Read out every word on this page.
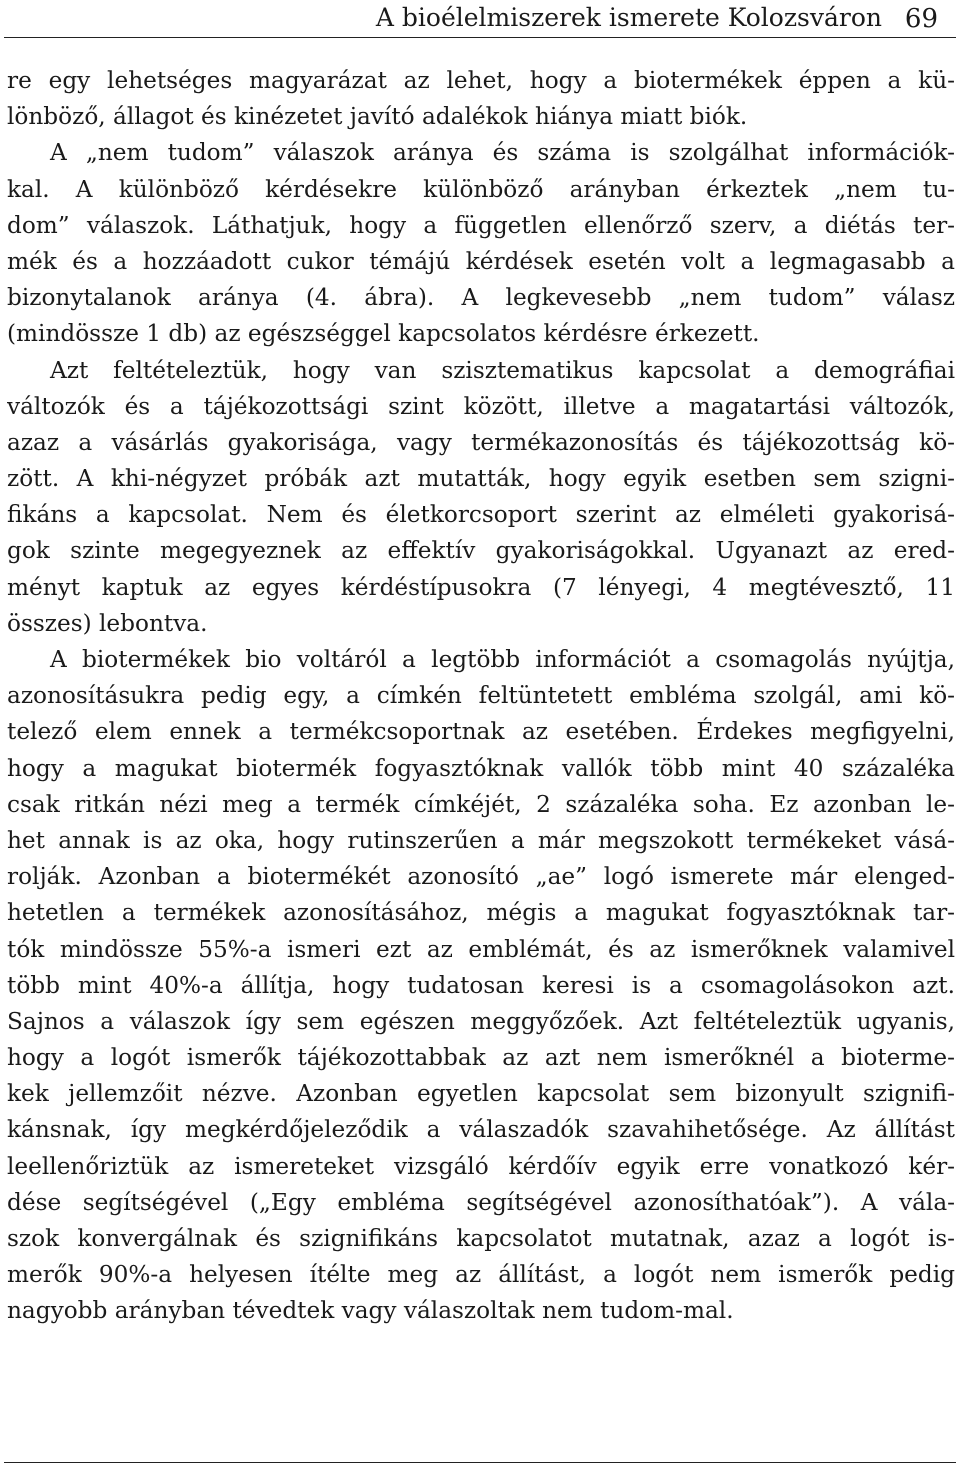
A bioélelmiszerek ismerete Kolozsváron 69
re egy lehetséges magyarázat az lehet, hogy a biotermékek éppen a kü-
lönböző, állagot és kinézetet javító adalékok hiánya miatt biók.
A „nem tudom” válaszok aránya és száma is szolgálhat információk-
kal. A különböző kérdésekre különböző arányban érkeztek „nem tu-
dom” válaszok. Láthatjuk, hogy a független ellenőrző szerv, a diétás ter-
mék és a hozzáadott cukor témájú kérdések esetén volt a legmagasabb a
bizonytalanok aránya (4. ábra). A legkevesebb „nem tudom” válasz
(mindössze 1 db) az egészséggel kapcsolatos kérdésre érkezett.
Azt feltételeztük, hogy van szisztematikus kapcsolat a demográfiai
változók és a tájékozottsági szint között, illetve a magatartási változók,
azaz a vásárlás gyakorisága, vagy termékazonosítás és tájékozottság kö-
zött. A khi-négyzet próbák azt mutatták, hogy egyik esetben sem szigni-
fikáns a kapcsolat. Nem és életkorcsoport szerint az elméleti gyakorisá-
gok szinte megegyeznek az effektív gyakoriságokkal. Ugyanazt az ered-
ményt kaptuk az egyes kérdéstípusokra (7 lényegi, 4 megtévesztő, 11
összes) lebontva.
A biotermékek bio voltáról a legtöbb információt a csomagolás nyújtja,
azonosításukra pedig egy, a címkén feltüntetett embléma szolgál, ami kö-
telező elem ennek a termékcsoportnak az esetében. Érdekes megfigyelni,
hogy a magukat biotermék fogyasztóknak vallók több mint 40 százaléka
csak ritkán nézi meg a termék címkéjét, 2 százaléka soha. Ez azonban le-
het annak is az oka, hogy rutinszerűen a már megszokott termékeket vásá-
rolják. Azonban a biotermékét azonosító „ae” logó ismerete már elenged-
hetetlen a termékek azonosításához, mégis a magukat fogyasztóknak tar-
tók mindössze 55%-a ismeri ezt az emblémát, és az ismerőknek valamivel
több mint 40%-a állítja, hogy tudatosan keresi is a csomagolásokon azt.
Sajnos a válaszok így sem egészen meggyőzőek. Azt feltételeztük ugyanis,
hogy a logót ismerők tájékozottabbak az azt nem ismerőknél a bioterme-
kek jellemzőit nézve. Azonban egyetlen kapcsolat sem bizonyult szignifi-
kánsnak, így megkérdőjeleződik a válaszadók szavahihetősége. Az állítást
leellenőriztük az ismereteket vizsgáló kérdőív egyik erre vonatkozó kér-
dése segítségével („Egy embléma segítségével azonosíthatóak”). A vála-
szok konvergálnak és szignifikáns kapcsolatot mutatnak, azaz a logót is-
merők 90%-a helyesen ítélte meg az állítást, a logót nem ismerők pedig
nagyobb arányban tévedtek vagy válaszoltak nem tudom-mal.
